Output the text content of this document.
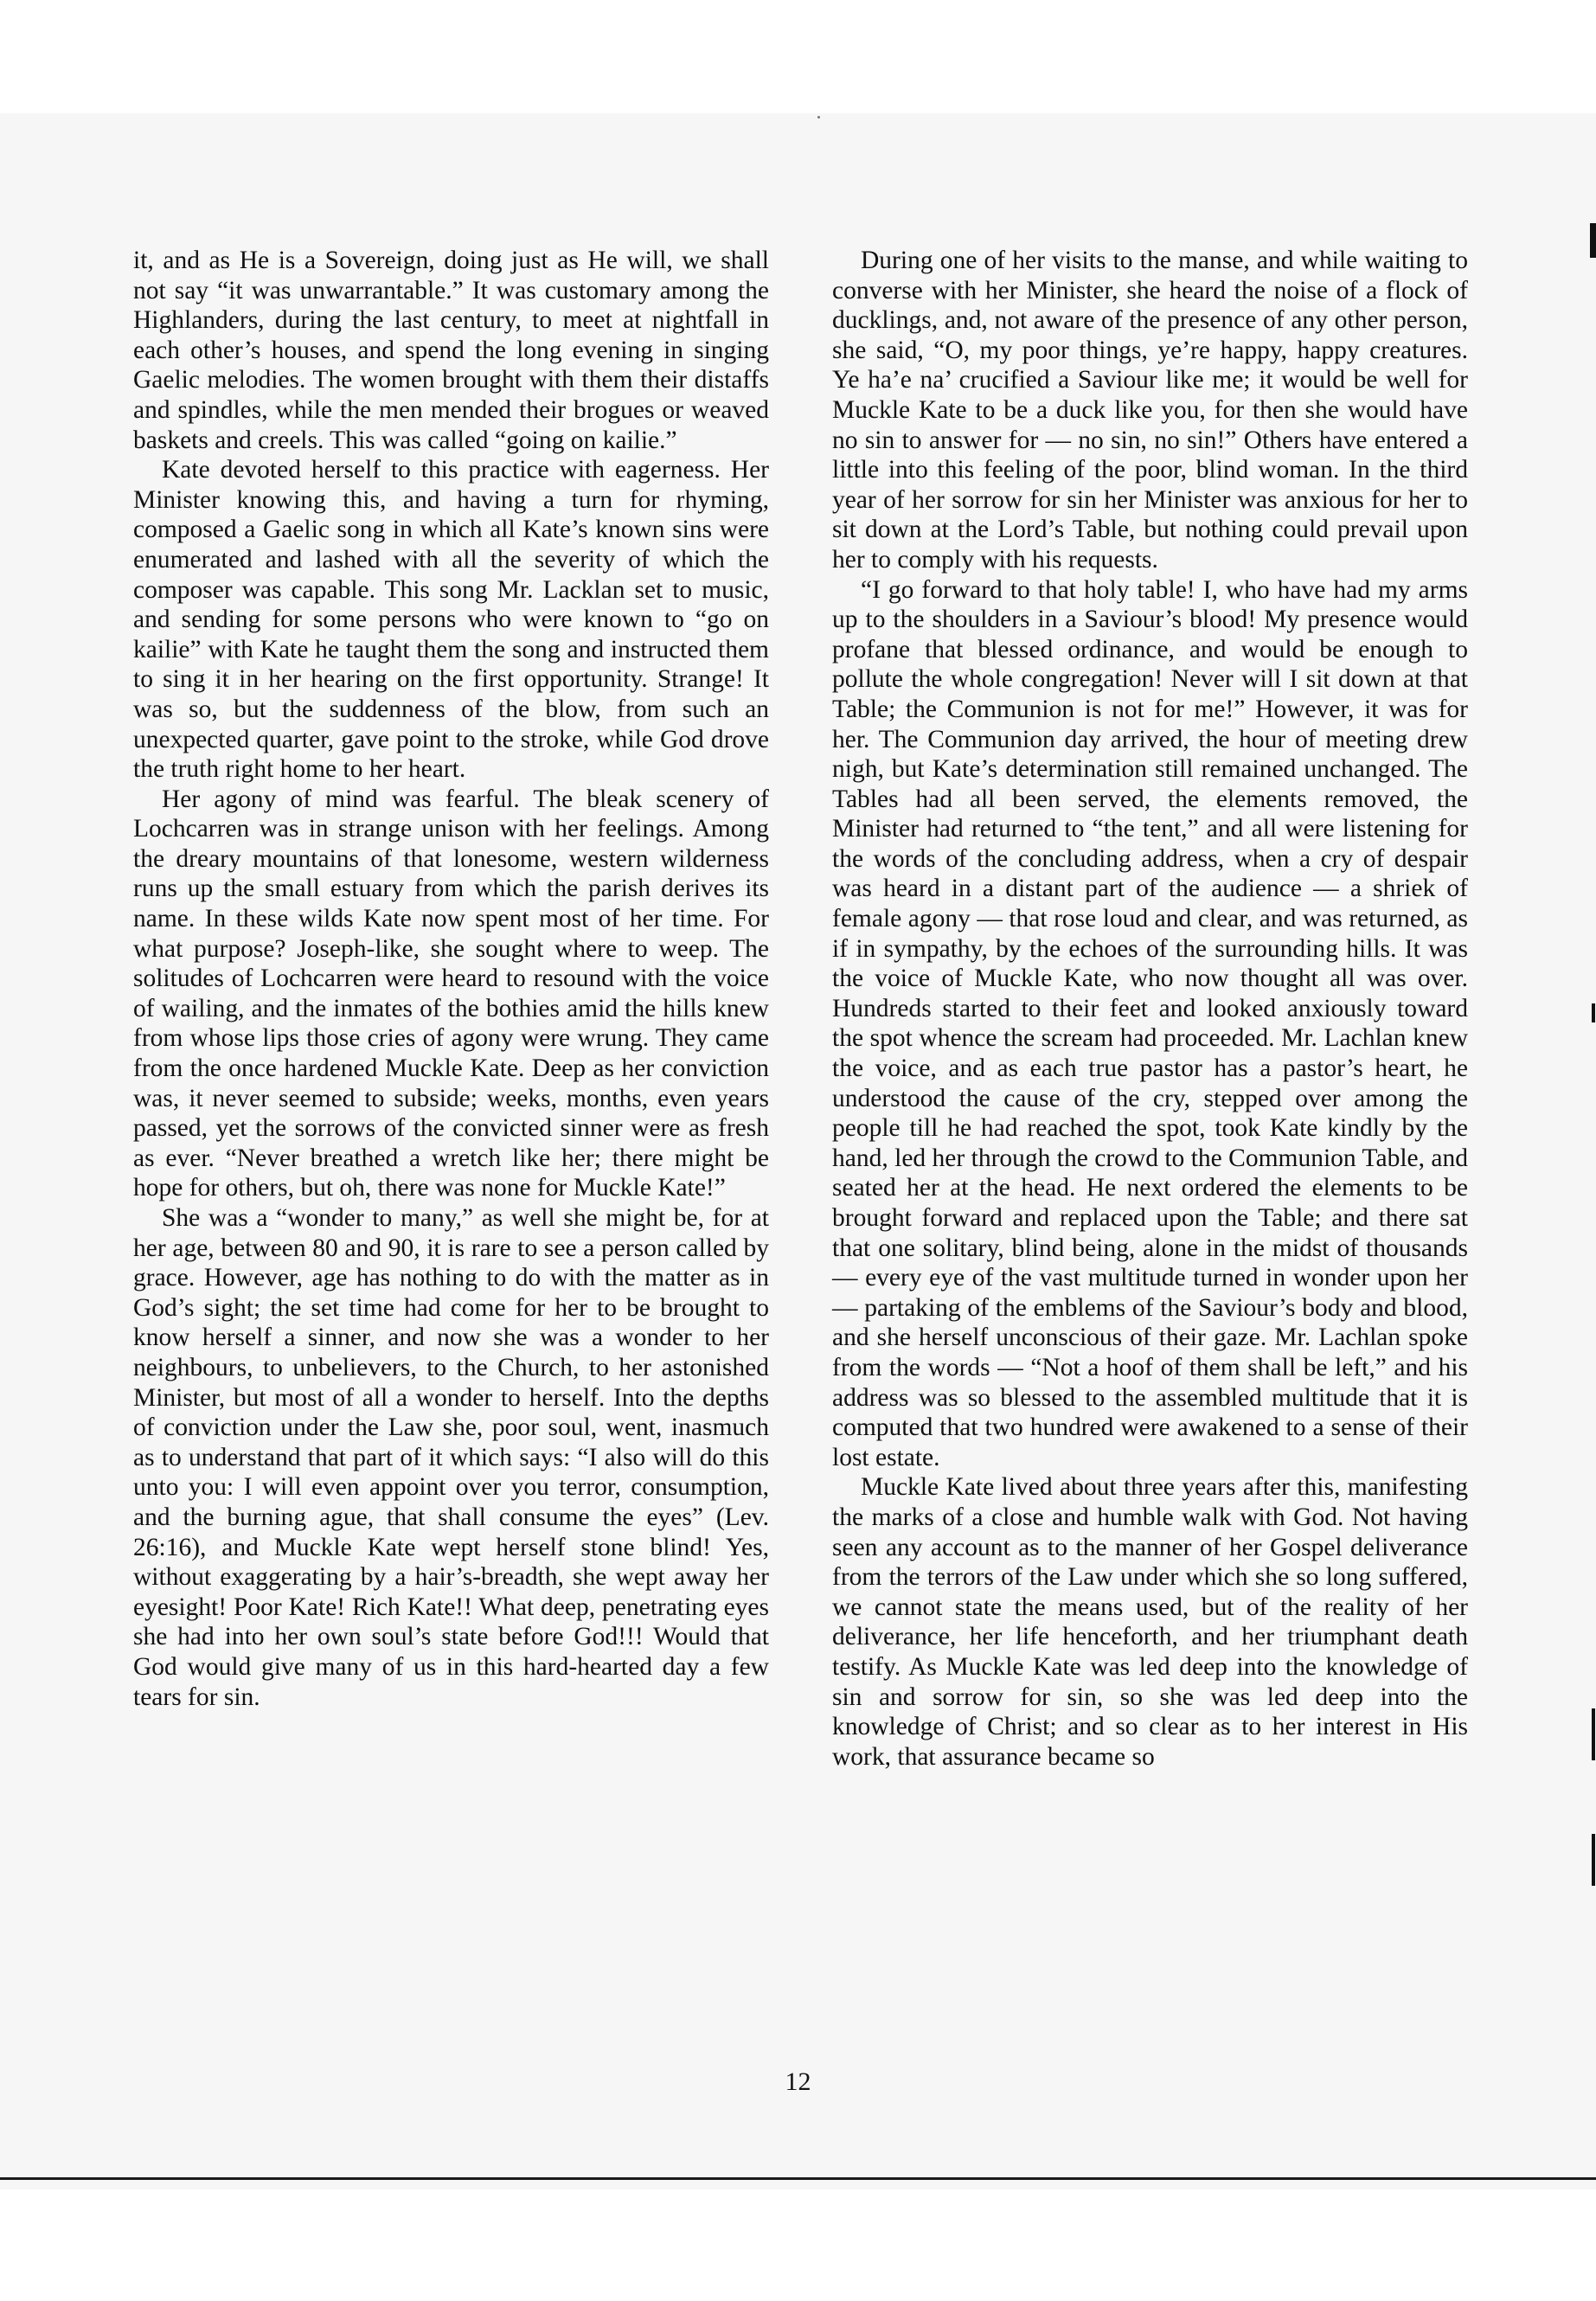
it, and as He is a Sovereign, doing just as He will, we shall not say “it was unwarrantable.” It was customary among the Highlanders, during the last century, to meet at nightfall in each other’s houses, and spend the long evening in singing Gaelic melodies. The women brought with them their distaffs and spindles, while the men mended their brogues or weaved baskets and creels. This was called “going on kailie.”

Kate devoted herself to this practice with eagerness. Her Minister knowing this, and having a turn for rhyming, composed a Gaelic song in which all Kate’s known sins were enumerated and lashed with all the severity of which the composer was capable. This song Mr. Lacklan set to music, and sending for some persons who were known to “go on kailie” with Kate he taught them the song and instructed them to sing it in her hearing on the first opportunity. Strange! It was so, but the suddenness of the blow, from such an unexpected quarter, gave point to the stroke, while God drove the truth right home to her heart.

Her agony of mind was fearful. The bleak scenery of Lochcarren was in strange unison with her feelings. Among the dreary mountains of that lonesome, western wilderness runs up the small estuary from which the parish derives its name. In these wilds Kate now spent most of her time. For what purpose? Joseph-like, she sought where to weep. The solitudes of Lochcarren were heard to resound with the voice of wailing, and the inmates of the bothies amid the hills knew from whose lips those cries of agony were wrung. They came from the once hardened Muckle Kate. Deep as her conviction was, it never seemed to subside; weeks, months, even years passed, yet the sorrows of the convicted sinner were as fresh as ever. “Never breathed a wretch like her; there might be hope for others, but oh, there was none for Muckle Kate!”

She was a “wonder to many,” as well she might be, for at her age, between 80 and 90, it is rare to see a person called by grace. However, age has nothing to do with the matter as in God’s sight; the set time had come for her to be brought to know herself a sinner, and now she was a wonder to her neighbours, to unbelievers, to the Church, to her astonished Minister, but most of all a wonder to herself. Into the depths of conviction under the Law she, poor soul, went, inasmuch as to understand that part of it which says: “I also will do this unto you: I will even appoint over you terror, consumption, and the burning ague, that shall consume the eyes” (Lev. 26:16), and Muckle Kate wept herself stone blind! Yes, without exaggerating by a hair’s-breadth, she wept away her eyesight! Poor Kate! Rich Kate!! What deep, penetrating eyes she had into her own soul’s state before God!!! Would that God would give many of us in this hard-hearted day a few tears for sin.

During one of her visits to the manse, and while waiting to converse with her Minister, she heard the noise of a flock of ducklings, and, not aware of the presence of any other person, she said, “O, my poor things, ye’re happy, happy creatures. Ye ha’e na’ crucified a Saviour like me; it would be well for Muckle Kate to be a duck like you, for then she would have no sin to answer for — no sin, no sin!” Others have entered a little into this feeling of the poor, blind woman. In the third year of her sorrow for sin her Minister was anxious for her to sit down at the Lord’s Table, but nothing could prevail upon her to comply with his requests.

“I go forward to that holy table! I, who have had my arms up to the shoulders in a Saviour’s blood! My presence would profane that blessed ordinance, and would be enough to pollute the whole congregation! Never will I sit down at that Table; the Communion is not for me!” However, it was for her. The Communion day arrived, the hour of meeting drew nigh, but Kate’s determination still remained unchanged. The Tables had all been served, the elements removed, the Minister had returned to “the tent,” and all were listening for the words of the concluding address, when a cry of despair was heard in a distant part of the audience — a shriek of female agony — that rose loud and clear, and was returned, as if in sympathy, by the echoes of the surrounding hills. It was the voice of Muckle Kate, who now thought all was over. Hundreds started to their feet and looked anxiously toward the spot whence the scream had proceeded. Mr. Lachlan knew the voice, and as each true pastor has a pastor’s heart, he understood the cause of the cry, stepped over among the people till he had reached the spot, took Kate kindly by the hand, led her through the crowd to the Communion Table, and seated her at the head. He next ordered the elements to be brought forward and replaced upon the Table; and there sat that one solitary, blind being, alone in the midst of thousands — every eye of the vast multitude turned in wonder upon her — partaking of the emblems of the Saviour’s body and blood, and she herself unconscious of their gaze. Mr. Lachlan spoke from the words — “Not a hoof of them shall be left,” and his address was so blessed to the assembled multitude that it is computed that two hundred were awakened to a sense of their lost estate.

Muckle Kate lived about three years after this, manifesting the marks of a close and humble walk with God. Not having seen any account as to the manner of her Gospel deliverance from the terrors of the Law under which she so long suffered, we cannot state the means used, but of the reality of her deliverance, her life henceforth, and her triumphant death testify. As Muckle Kate was led deep into the knowledge of sin and sorrow for sin, so she was led deep into the knowledge of Christ; and so clear as to her interest in His work, that assurance became so

12
